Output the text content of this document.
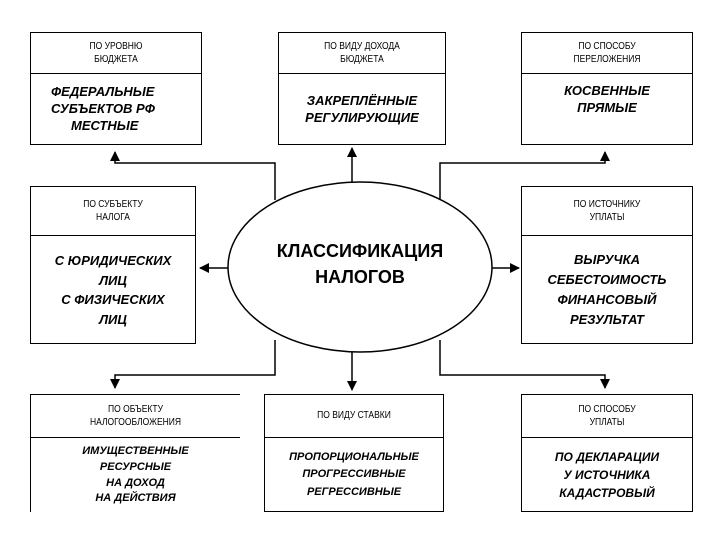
ПО УРОВНЮ
БЮДЖЕТА
ФЕДЕРАЛЬНЫЕ
СУБЪЕКТОВ РФ
МЕСТНЫЕ
ПО ВИДУ ДОХОДА
БЮДЖЕТА
ЗАКРЕПЛЁННЫЕ
РЕГУЛИРУЮЩИЕ
ПО СПОСОБУ
ПЕРЕЛОЖЕНИЯ
КОСВЕННЫЕ
ПРЯМЫЕ
ПО СУБЪЕКТУ
НАЛОГА
С ЮРИДИЧЕСКИХ
ЛИЦ
С ФИЗИЧЕСКИХ
ЛИЦ
ПО ИСТОЧНИКУ
УПЛАТЫ
ВЫРУЧКА
СЕБЕСТОИМОСТЬ
ФИНАНСОВЫЙ
РЕЗУЛЬТАТ
ПО ОБЪЕКТУ
НАЛОГООБЛОЖЕНИЯ
ИМУЩЕСТВЕННЫЕ
РЕСУРСНЫЕ
НА ДОХОД
НА ДЕЙСТВИЯ
ПО ВИДУ СТАВКИ
ПРОПОРЦИОНАЛЬНЫЕ
ПРОГРЕССИВНЫЕ
РЕГРЕССИВНЫЕ
ПО СПОСОБУ
УПЛАТЫ
ПО ДЕКЛАРАЦИИ
У ИСТОЧНИКА
КАДАСТРОВЫЙ
КЛАССИФИКАЦИЯ
НАЛОГОВ
